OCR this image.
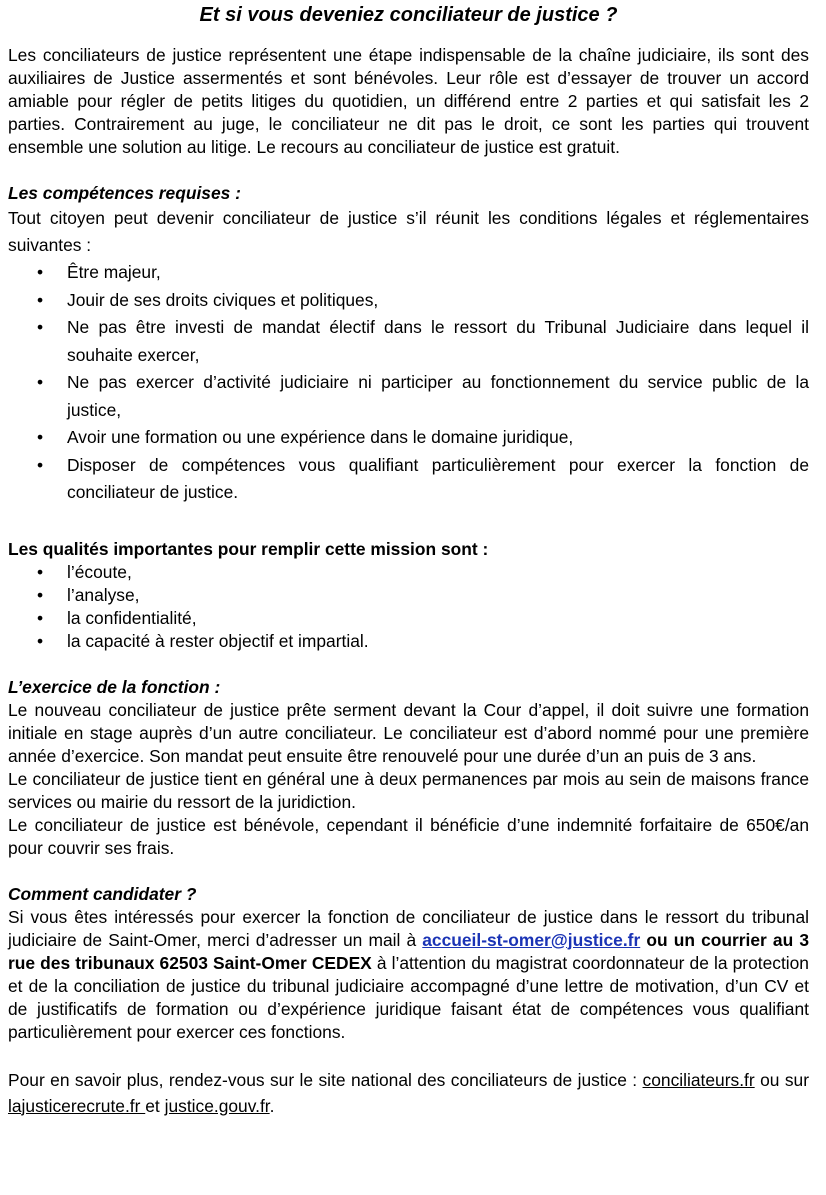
Et si vous deveniez conciliateur de justice ?

Les conciliateurs de justice représentent une étape indispensable de la chaîne judiciaire, ils sont des auxiliaires de Justice assermentés et sont bénévoles. Leur rôle est d’essayer de trouver un accord amiable pour régler de petits litiges du quotidien, un différend entre 2 parties et qui satisfait les 2 parties. Contrairement au juge, le conciliateur ne dit pas le droit, ce sont les parties qui trouvent ensemble une solution au litige. Le recours au conciliateur de justice est gratuit.

Les compétences requises :

Tout citoyen peut devenir conciliateur de justice s’il réunit les conditions légales et réglementaires suivantes :

• Être majeur,
• Jouir de ses droits civiques et politiques,
• Ne pas être investi de mandat électif dans le ressort du Tribunal Judiciaire dans lequel il souhaite exercer,
• Ne pas exercer d’activité judiciaire ni participer au fonctionnement du service public de la justice,
• Avoir une formation ou une expérience dans le domaine juridique,
• Disposer de compétences vous qualifiant particulièrement pour exercer la fonction de conciliateur de justice.
Les qualités importantes pour remplir cette mission sont :
• l’écoute,
• l’analyse,
• la confidentialité,
• la capacité à rester objectif et impartial.
L’exercice de la fonction :

Le nouveau conciliateur de justice prête serment devant la Cour d’appel, il doit suivre une formation initiale en stage auprès d’un autre conciliateur. Le conciliateur est d’abord nommé pour une première année d’exercice. Son mandat peut ensuite être renouvelé pour une durée d’un an puis de 3 ans.

Le conciliateur de justice tient en général une à deux permanences par mois au sein de maisons france services ou mairie du ressort de la juridiction.

Le conciliateur de justice est bénévole, cependant il bénéficie d’une indemnité forfaitaire de 650€/an pour couvrir ses frais.

Comment candidater ?

Si vous êtes intéressés pour exercer la fonction de conciliateur de justice dans le ressort du tribunal judiciaire de Saint-Omer, merci d’adresser un mail à accueil-st-omer@justice.fr ou un courrier au 3 rue des tribunaux 62503 Saint-Omer CEDEX à l’attention du magistrat coordonnateur de la protection et de la conciliation de justice du tribunal judiciaire accompagné d’une lettre de motivation, d’un CV et de justificatifs de formation ou d’expérience juridique faisant état de compétences vous qualifiant particulièrement pour exercer ces fonctions.

Pour en savoir plus, rendez-vous sur le site national des conciliateurs de justice : conciliateurs.fr ou sur lajusticerecrute.fr et justice.gouv.fr.
